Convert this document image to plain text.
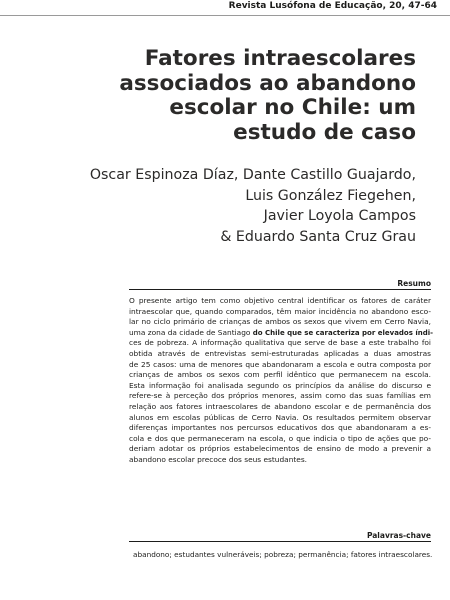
Revista Lusófona de Educação, 20, 47-64
Fatores intraescolares
associados ao abandono
escolar no Chile: um
estudo de caso
Oscar Espinoza Díaz, Dante Castillo Guajardo,
Luis González Fiegehen,
Javier Loyola Campos
& Eduardo Santa Cruz Grau
Resumo
O presente artigo tem como objetivo central identificar os fatores de caráter
intraescolar que, quando comparados, têm maior incidência no abandono esco-
lar no ciclo primário de crianças de ambos os sexos que vivem em Cerro Navia,
uma zona da cidade de Santiago do Chile que se caracteriza por elevados índi-
ces de pobreza. A informação qualitativa que serve de base a este trabalho foi
obtida através de entrevistas semi-estruturadas aplicadas a duas amostras
de 25 casos: uma de menores que abandonaram a escola e outra composta por
crianças de ambos os sexos com perfil idêntico que permanecem na escola.
Esta informação foi analisada segundo os princípios da análise do discurso e
refere-se à perceção dos próprios menores, assim como das suas famílias em
relação aos fatores intraescolares de abandono escolar e de permanência dos
alunos em escolas públicas de Cerro Navia. Os resultados permitem observar
diferenças importantes nos percursos educativos dos que abandonaram a es-
cola e dos que permaneceram na escola, o que indicia o tipo de ações que po-
deriam adotar os próprios estabelecimentos de ensino de modo a prevenir a
abandono escolar precoce dos seus estudantes.
Palavras-chave
abandono; estudantes vulneráveis; pobreza; permanência; fatores intraescolares.
